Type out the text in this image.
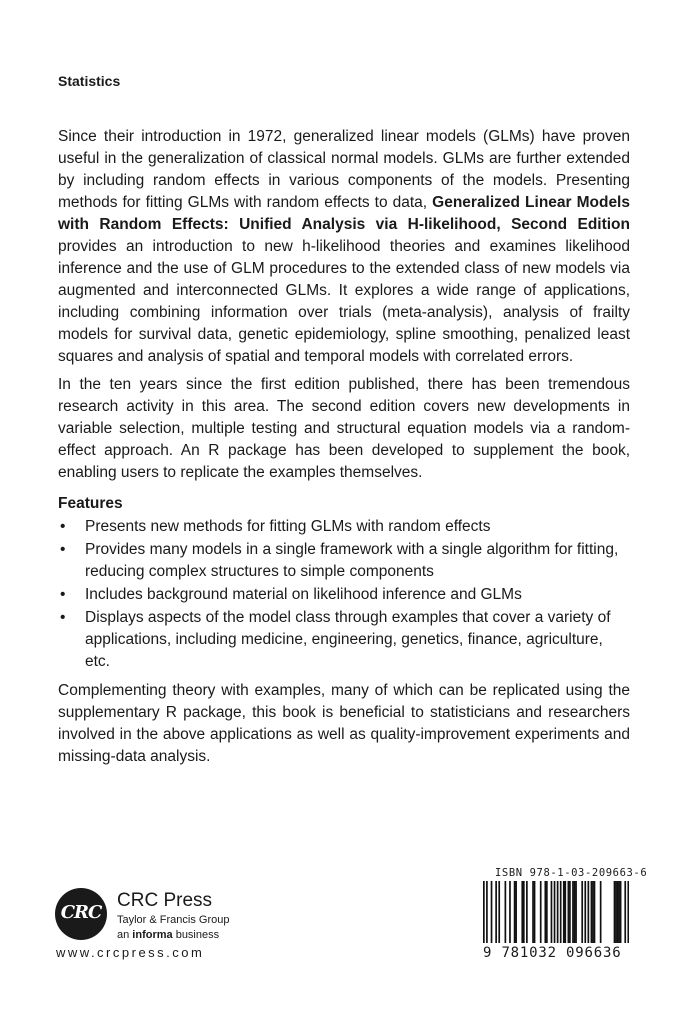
Statistics

Since their introduction in 1972, generalized linear models (GLMs) have proven useful in the generalization of classical normal models. GLMs are further extended by including random effects in various components of the models. Presenting methods for fitting GLMs with random effects to data, Generalized Linear Models with Random Effects: Unified Analysis via H-likelihood, Second Edition provides an introduction to new h-likelihood theories and examines likelihood inference and the use of GLM procedures to the extended class of new models via augmented and interconnected GLMs. It explores a wide range of applications, including combining information over trials (meta-analysis), analysis of frailty models for survival data, genetic epidemiology, spline smoothing, penalized least squares and analysis of spatial and temporal models with correlated errors.

In the ten years since the first edition published, there has been tremendous research activity in this area. The second edition covers new developments in variable selection, multiple testing and structural equation models via a random-effect approach. An R package has been developed to supplement the book, enabling users to replicate the examples themselves.

Features
• Presents new methods for fitting GLMs with random effects
• Provides many models in a single framework with a single algorithm for fitting, reducing complex structures to simple components
• Includes background material on likelihood inference and GLMs
• Displays aspects of the model class through examples that cover a variety of applications, including medicine, engineering, genetics, finance, agriculture, etc.

Complementing theory with examples, many of which can be replicated using the supplementary R package, this book is beneficial to statisticians and researchers involved in the above applications as well as quality-improvement experiments and missing-data analysis.

CRC
CRC Press
Taylor & Francis Group
an informa business
www.crcpress.com
ISBN 978-1-03-209663-6
9 781032 096636
